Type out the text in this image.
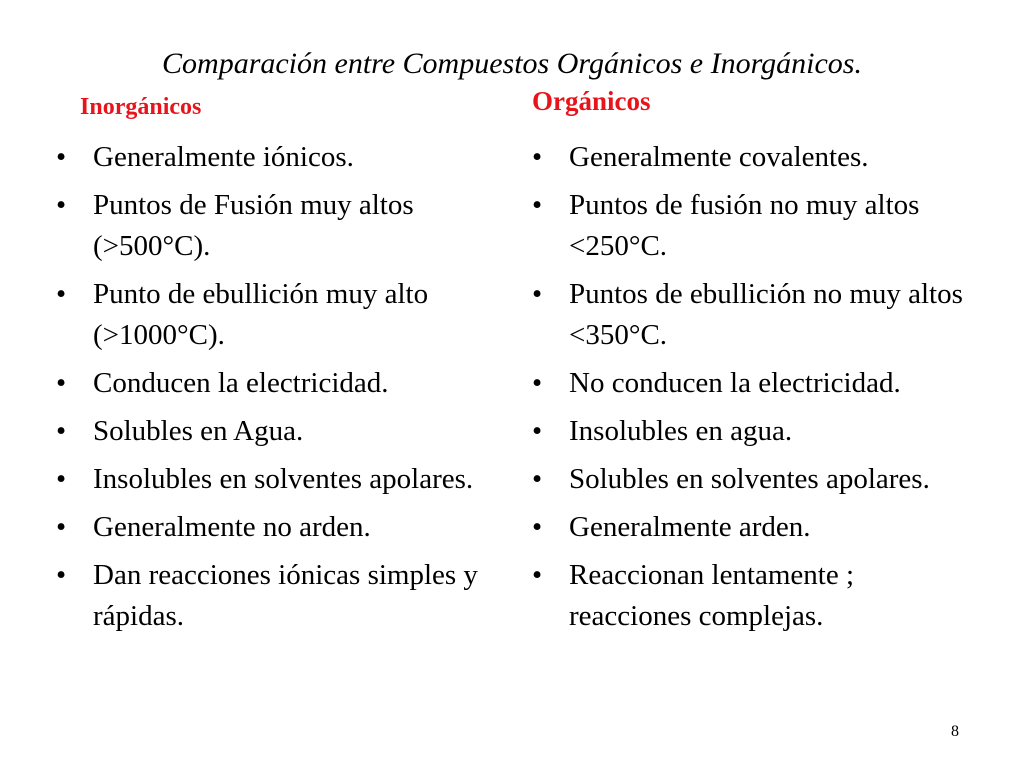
Comparación entre Compuestos Orgánicos e Inorgánicos.
Inorgánicos	Orgánicos
• Generalmente iónicos.
• Puntos de Fusión muy altos (>500°C).
• Punto de ebullición muy alto (>1000°C).
• Conducen la electricidad.
• Solubles en Agua.
• Insolubles en solventes apolares.
• Generalmente no arden.
• Dan reacciones iónicas simples y rápidas.
• Generalmente covalentes.
• Puntos de fusión no muy altos <250°C.
• Puntos de ebullición no muy altos <350°C.
• No conducen la electricidad.
• Insolubles en agua.
• Solubles en solventes apolares.
• Generalmente arden.
• Reaccionan lentamente ; reacciones complejas.
8
